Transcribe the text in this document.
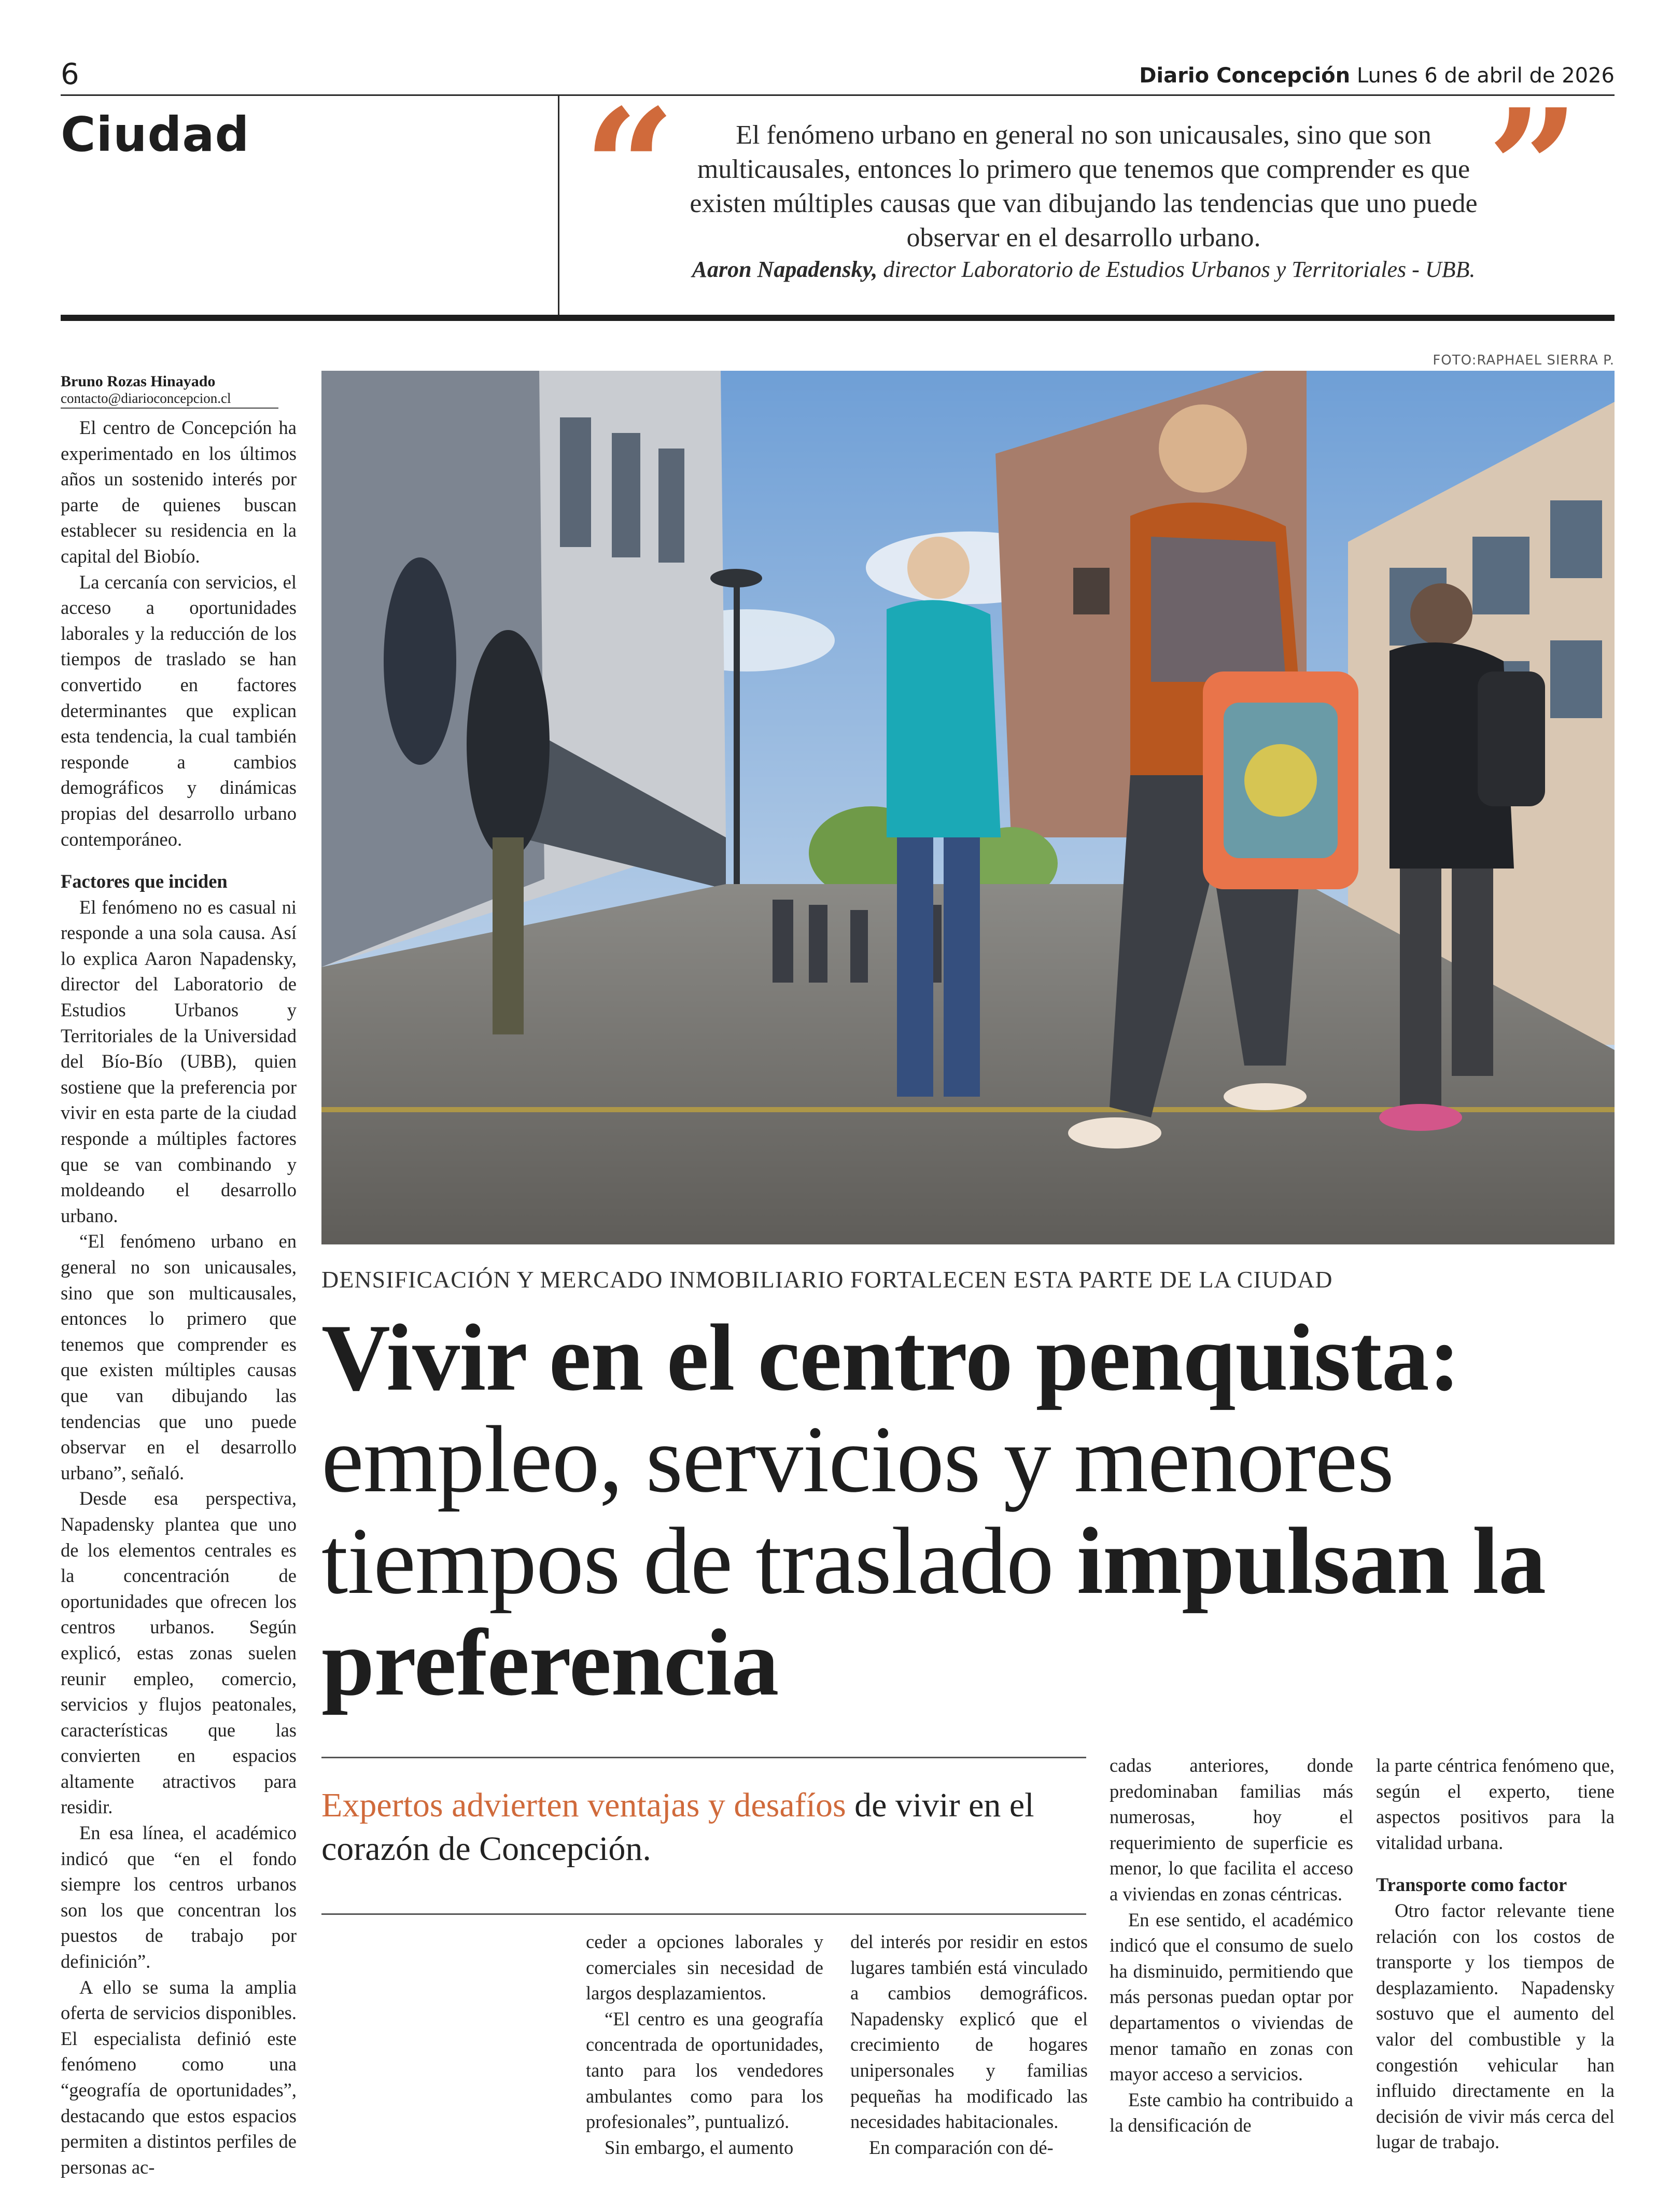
6	Diario Concepción Lunes 6 de abril de 2026
Ciudad “	”
El fenómeno urbano en general no son unicausales, sino que son multicausales, entonces lo primero que tenemos que comprender es que existen múltiples causas que van dibujando las tendencias que uno puede observar en el desarrollo urbano.
Aaron Napadensky, director Laboratorio de Estudios Urbanos y Territoriales - UBB.
FOTO:RAPHAEL SIERRA P.
Bruno Rozas Hinayado
contacto@diarioconcepcion.cl

El centro de Concepción ha experimentado en los últimos años un sostenido interés por parte de quienes buscan establecer su residencia en la capital del Biobío.

La cercanía con servicios, el acceso a oportunidades laborales y la reducción de los tiempos de traslado se han convertido en factores determinantes que explican esta tendencia, la cual también responde a cambios demográficos y dinámicas propias del desarrollo urbano contemporáneo.

Factores que inciden

El fenómeno no es casual ni responde a una sola causa. Así lo explica Aaron Napadensky, director del Laboratorio de Estudios Urbanos y Territoriales de la Universidad del Bío-Bío (UBB), quien sostiene que la preferencia por vivir en esta parte de la ciudad responde a múltiples factores que se van combinando y moldeando el desarrollo urbano.

“El fenómeno urbano en general no son unicausales, sino que son multicausales, entonces lo primero que tenemos que comprender es que existen múltiples causas que van dibujando las tendencias que uno puede observar en el desarrollo urbano”, señaló.

Desde esa perspectiva, Napadensky plantea que uno de los elementos centrales es la concentración de oportunidades que ofrecen los centros urbanos. Según explicó, estas zonas suelen reunir empleo, comercio, servicios y flujos peatonales, características que las convierten en espacios altamente atractivos para residir.

En esa línea, el académico indicó que “en el fondo siempre los centros urbanos son los que concentran los puestos de trabajo por definición”.

A ello se suma la amplia oferta de servicios disponibles. El especialista definió este fenómeno como una “geografía de oportunidades”, destacando que estos espacios permiten a distintos perfiles de personas ac-

DENSIFICACIÓN Y MERCADO INMOBILIARIO FORTALECEN ESTA PARTE DE LA CIUDAD
Vivir en el centro penquista: empleo, servicios y menores tiempos de traslado impulsan la preferencia
Expertos advierten ventajas y desafíos de vivir en el corazón de Concepción.

ceder a opciones laborales y comerciales sin necesidad de largos desplazamientos.

“El centro es una geografía concentrada de oportunidades, tanto para los vendedores ambulantes como para los profesionales”, puntualizó.

Sin embargo, el aumento

del interés por residir en estos lugares también está vinculado a cambios demográficos. Napadensky explicó que el crecimiento de hogares unipersonales y familias pequeñas ha modificado las necesidades habitacionales.

En comparación con dé-

cadas anteriores, donde predominaban familias más numerosas, hoy el requerimiento de superficie es menor, lo que facilita el acceso a viviendas en zonas céntricas.

En ese sentido, el académico indicó que el consumo de suelo ha disminuido, permitiendo que más personas puedan optar por departamentos o viviendas de menor tamaño en zonas con mayor acceso a servicios.

Este cambio ha contribuido a la densificación de

la parte céntrica fenómeno que, según el experto, tiene aspectos positivos para la vitalidad urbana.

Transporte como factor

Otro factor relevante tiene relación con los costos de transporte y los tiempos de desplazamiento. Napadensky sostuvo que el aumento del valor del combustible y la congestión vehicular han influido directamente en la decisión de vivir más cerca del lugar de trabajo.
